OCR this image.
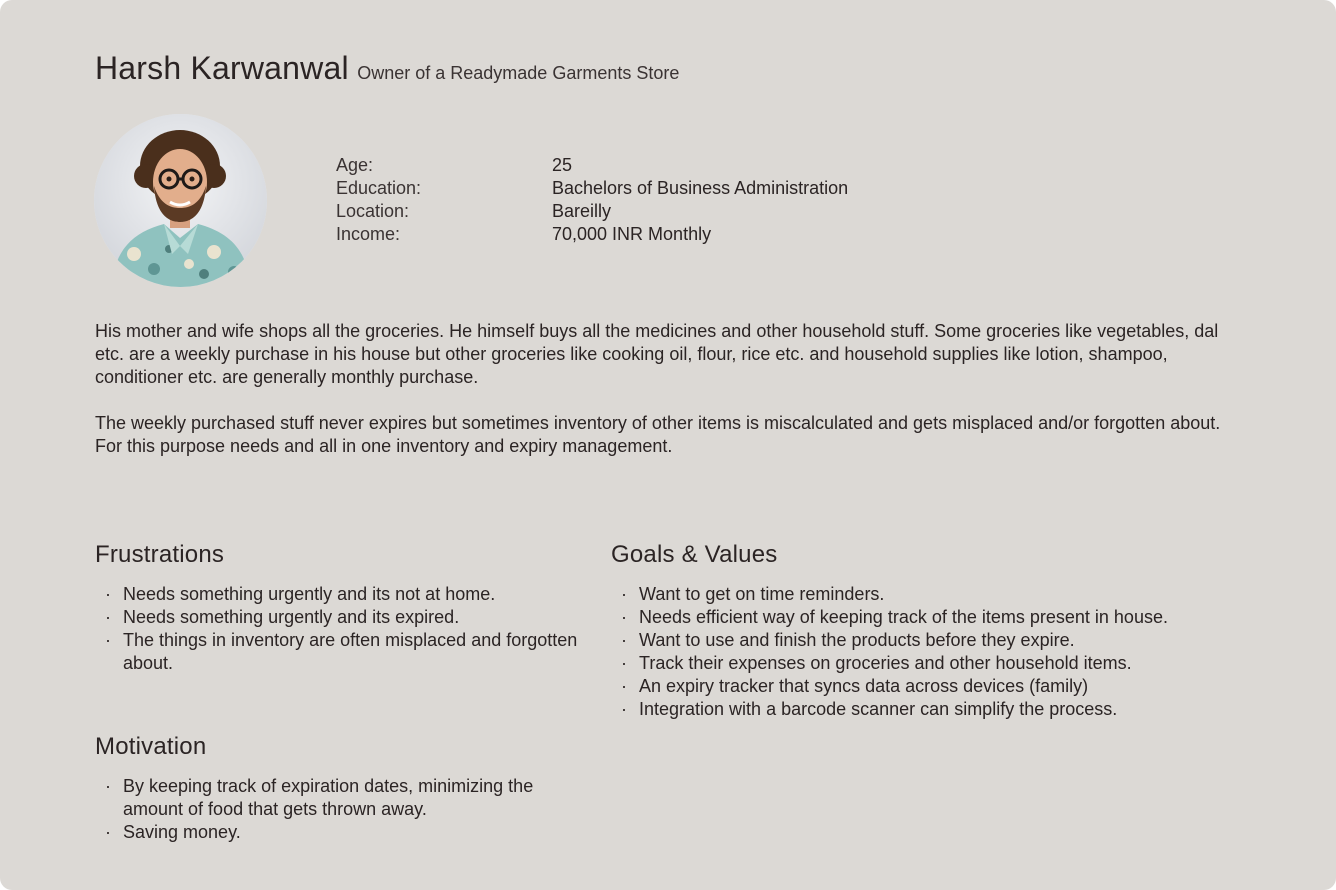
Harsh Karwanwal Owner of a Readymade Garments Store
Age:	25
Education:	Bachelors of Business Administration
Location:	Bareilly
Income:	70,000 INR Monthly

His mother and wife shops all the groceries. He himself buys all the medicines and other household stuff. Some groceries like vegetables, dal etc. are a weekly purchase in his house but other groceries like cooking oil, flour, rice etc. and household supplies like lotion, shampoo, conditioner etc. are generally monthly purchase.

The weekly purchased stuff never expires but sometimes inventory of other items is miscalculated and gets misplaced and/or forgotten about. For this purpose needs and all in one inventory and expiry management.

Frustrations
· Needs something urgently and its not at home.
· Needs something urgently and its expired.
· The things in inventory are often misplaced and forgotten about.
Goals & Values
· Want to get on time reminders.
· Needs efficient way of keeping track of the items present in house.
· Want to use and finish the products before they expire.
· Track their expenses on groceries and other household items.
· An expiry tracker that syncs data across devices (family)
· Integration with a barcode scanner can simplify the process.
Motivation
· By keeping track of expiration dates, minimizing the amount of food that gets thrown away.
· Saving money.
